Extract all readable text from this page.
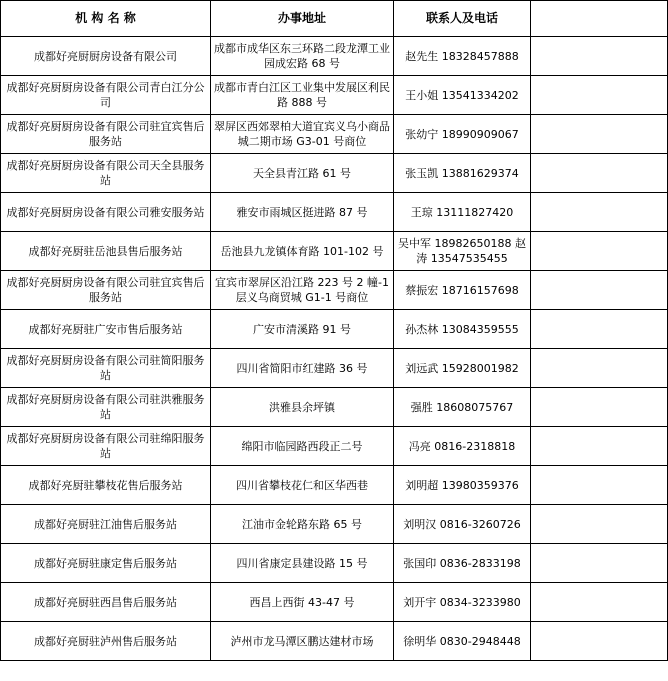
机 构 名 称	办事地址	联系人及电话	
成都好亮厨厨房设备有限公司	成都市成华区东三环路二段龙潭工业园成宏路 68 号	赵先生 18328457888	
成都好亮厨厨房设备有限公司青白江分公司	成都市青白江区工业集中发展区利民路 888 号	王小姐 13541334202	
成都好亮厨厨房设备有限公司驻宜宾售后服务站	翠屏区西郊翠柏大道宜宾义乌小商品城二期市场 G3-01 号商位	张幼宁 18990909067	
成都好亮厨厨房设备有限公司天全县服务站	天全县青江路 61 号	张玉凯 13881629374	
成都好亮厨厨房设备有限公司雅安服务站	雅安市雨城区挺进路 87 号	王琼 13111827420	
成都好亮厨驻岳池县售后服务站	岳池县九龙镇体育路 101-102 号	吴中军 18982650188 赵涛 13547535455	
成都好亮厨厨房设备有限公司驻宜宾售后服务站	宜宾市翠屏区沿江路 223 号 2 幢-1 层义乌商贸城 G1-1 号商位	蔡振宏 18716157698	
成都好亮厨驻广安市售后服务站	广安市清溪路 91 号	孙杰林 13084359555	
成都好亮厨厨房设备有限公司驻简阳服务站	四川省简阳市红建路 36 号	刘远武 15928001982	
成都好亮厨厨房设备有限公司驻洪雅服务站	洪雅县余坪镇	强胜 18608075767	
成都好亮厨厨房设备有限公司驻绵阳服务站	绵阳市临园路西段正二号	冯亮 0816-2318818	
成都好亮厨驻攀枝花售后服务站	四川省攀枝花仁和区华西巷	刘明超 13980359376	
成都好亮厨驻江油售后服务站	江油市金轮路东路 65 号	刘明汉 0816-3260726	
成都好亮厨驻康定售后服务站	四川省康定县建设路 15 号	张国印 0836-2833198	
成都好亮厨驻西昌售后服务站	西昌上西街 43-47 号	刘开宇 0834-3233980	
成都好亮厨驻泸州售后服务站	泸州市龙马潭区鹏达建材市场	徐明华 0830-2948448	
